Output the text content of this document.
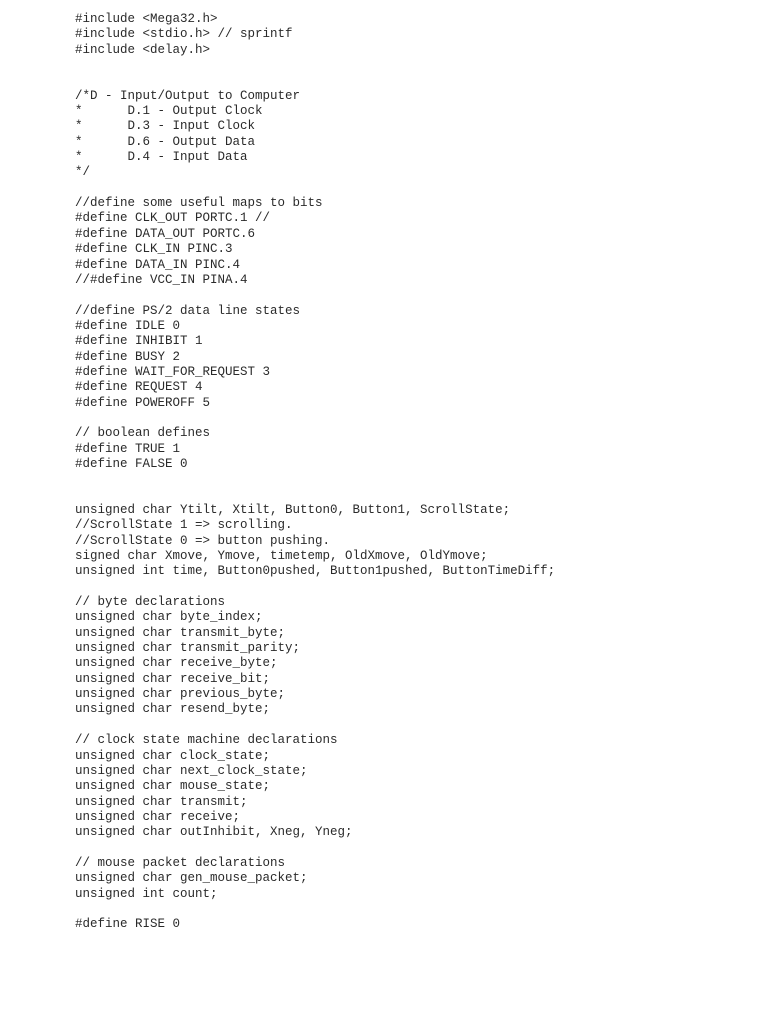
#include <Mega32.h>
#include <stdio.h> // sprintf
#include <delay.h>

/*D - Input/Output to Computer
*      D.1 - Output Clock
*      D.3 - Input Clock
*      D.6 - Output Data
*      D.4 - Input Data
*/

//define some useful maps to bits
#define CLK_OUT PORTC.1 //
#define DATA_OUT PORTC.6
#define CLK_IN PINC.3
#define DATA_IN PINC.4
//#define VCC_IN PINA.4

//define PS/2 data line states
#define IDLE 0
#define INHIBIT 1
#define BUSY 2
#define WAIT_FOR_REQUEST 3
#define REQUEST 4
#define POWEROFF 5

// boolean defines
#define TRUE 1
#define FALSE 0

unsigned char Ytilt, Xtilt, Button0, Button1, ScrollState;
//ScrollState 1 => scrolling.
//ScrollState 0 => button pushing.
signed char Xmove, Ymove, timetemp, OldXmove, OldYmove;
unsigned int time, Button0pushed, Button1pushed, ButtonTimeDiff;

// byte declarations
unsigned char byte_index;
unsigned char transmit_byte;
unsigned char transmit_parity;
unsigned char receive_byte;
unsigned char receive_bit;
unsigned char previous_byte;
unsigned char resend_byte;

// clock state machine declarations
unsigned char clock_state;
unsigned char next_clock_state;
unsigned char mouse_state;
unsigned char transmit;
unsigned char receive;
unsigned char outInhibit, Xneg, Yneg;

// mouse packet declarations
unsigned char gen_mouse_packet;
unsigned int count;

#define RISE 0
